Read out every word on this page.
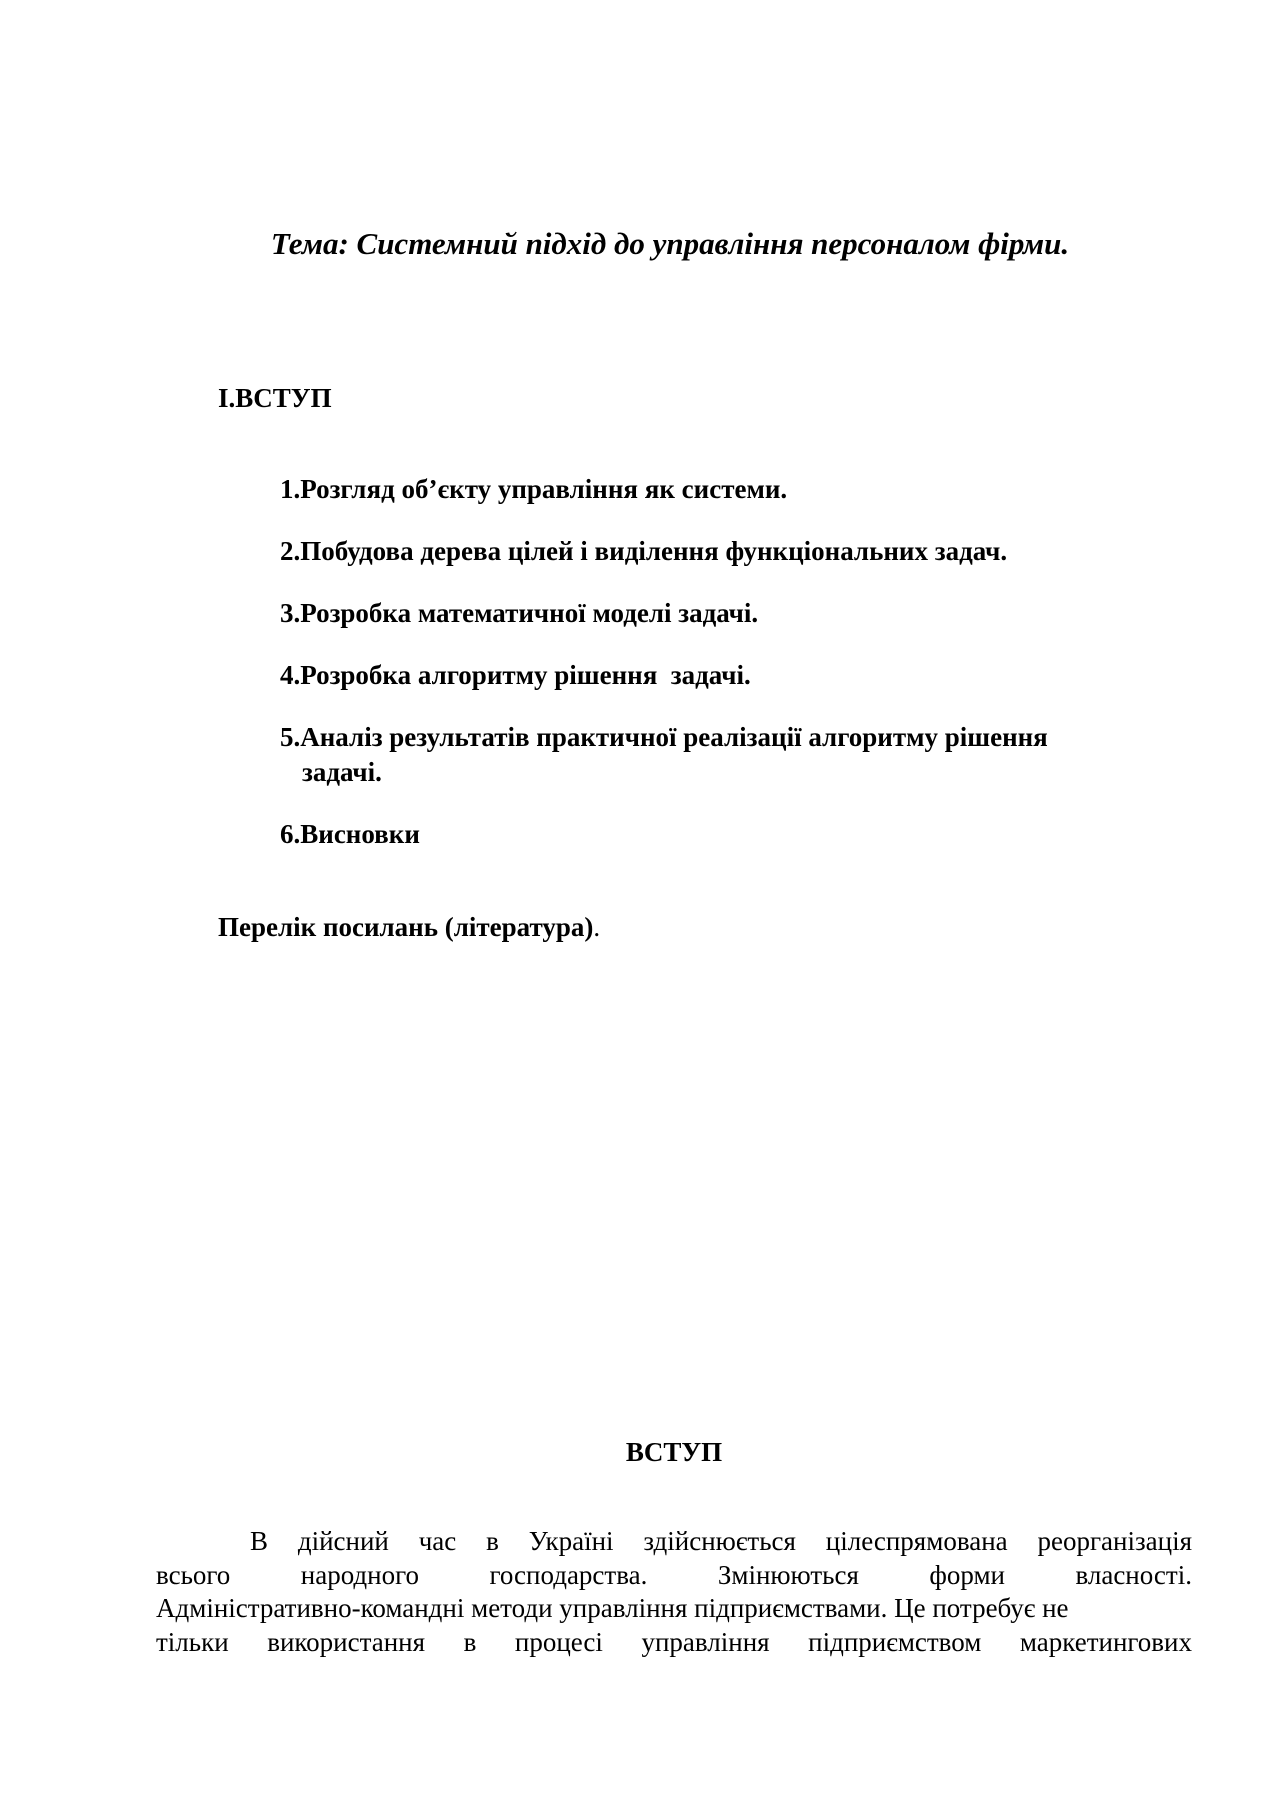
Тема: Системний підхід до управління персоналом фірми.
І.ВСТУП
1.Розгляд об’єкту управління як системи.
2.Побудова дерева цілей і виділення функціональних задач.
3.Розробка математичної моделі задачі.
4.Розробка алгоритму рішення  задачі.
5.Аналіз результатів практичної реалізації алгоритму рішення
задачі.
6.Висновки
Перелік посилань (література).
ВСТУП
В дійсний час в Україні здійснюється цілеспрямована реорганізація
всього	народного	господарства.	Змінюються	форми	власності.
Адміністративно-командні методи управління підприємствами. Це потребує не
тільки використання в процесі управління підприємством маркетингових
